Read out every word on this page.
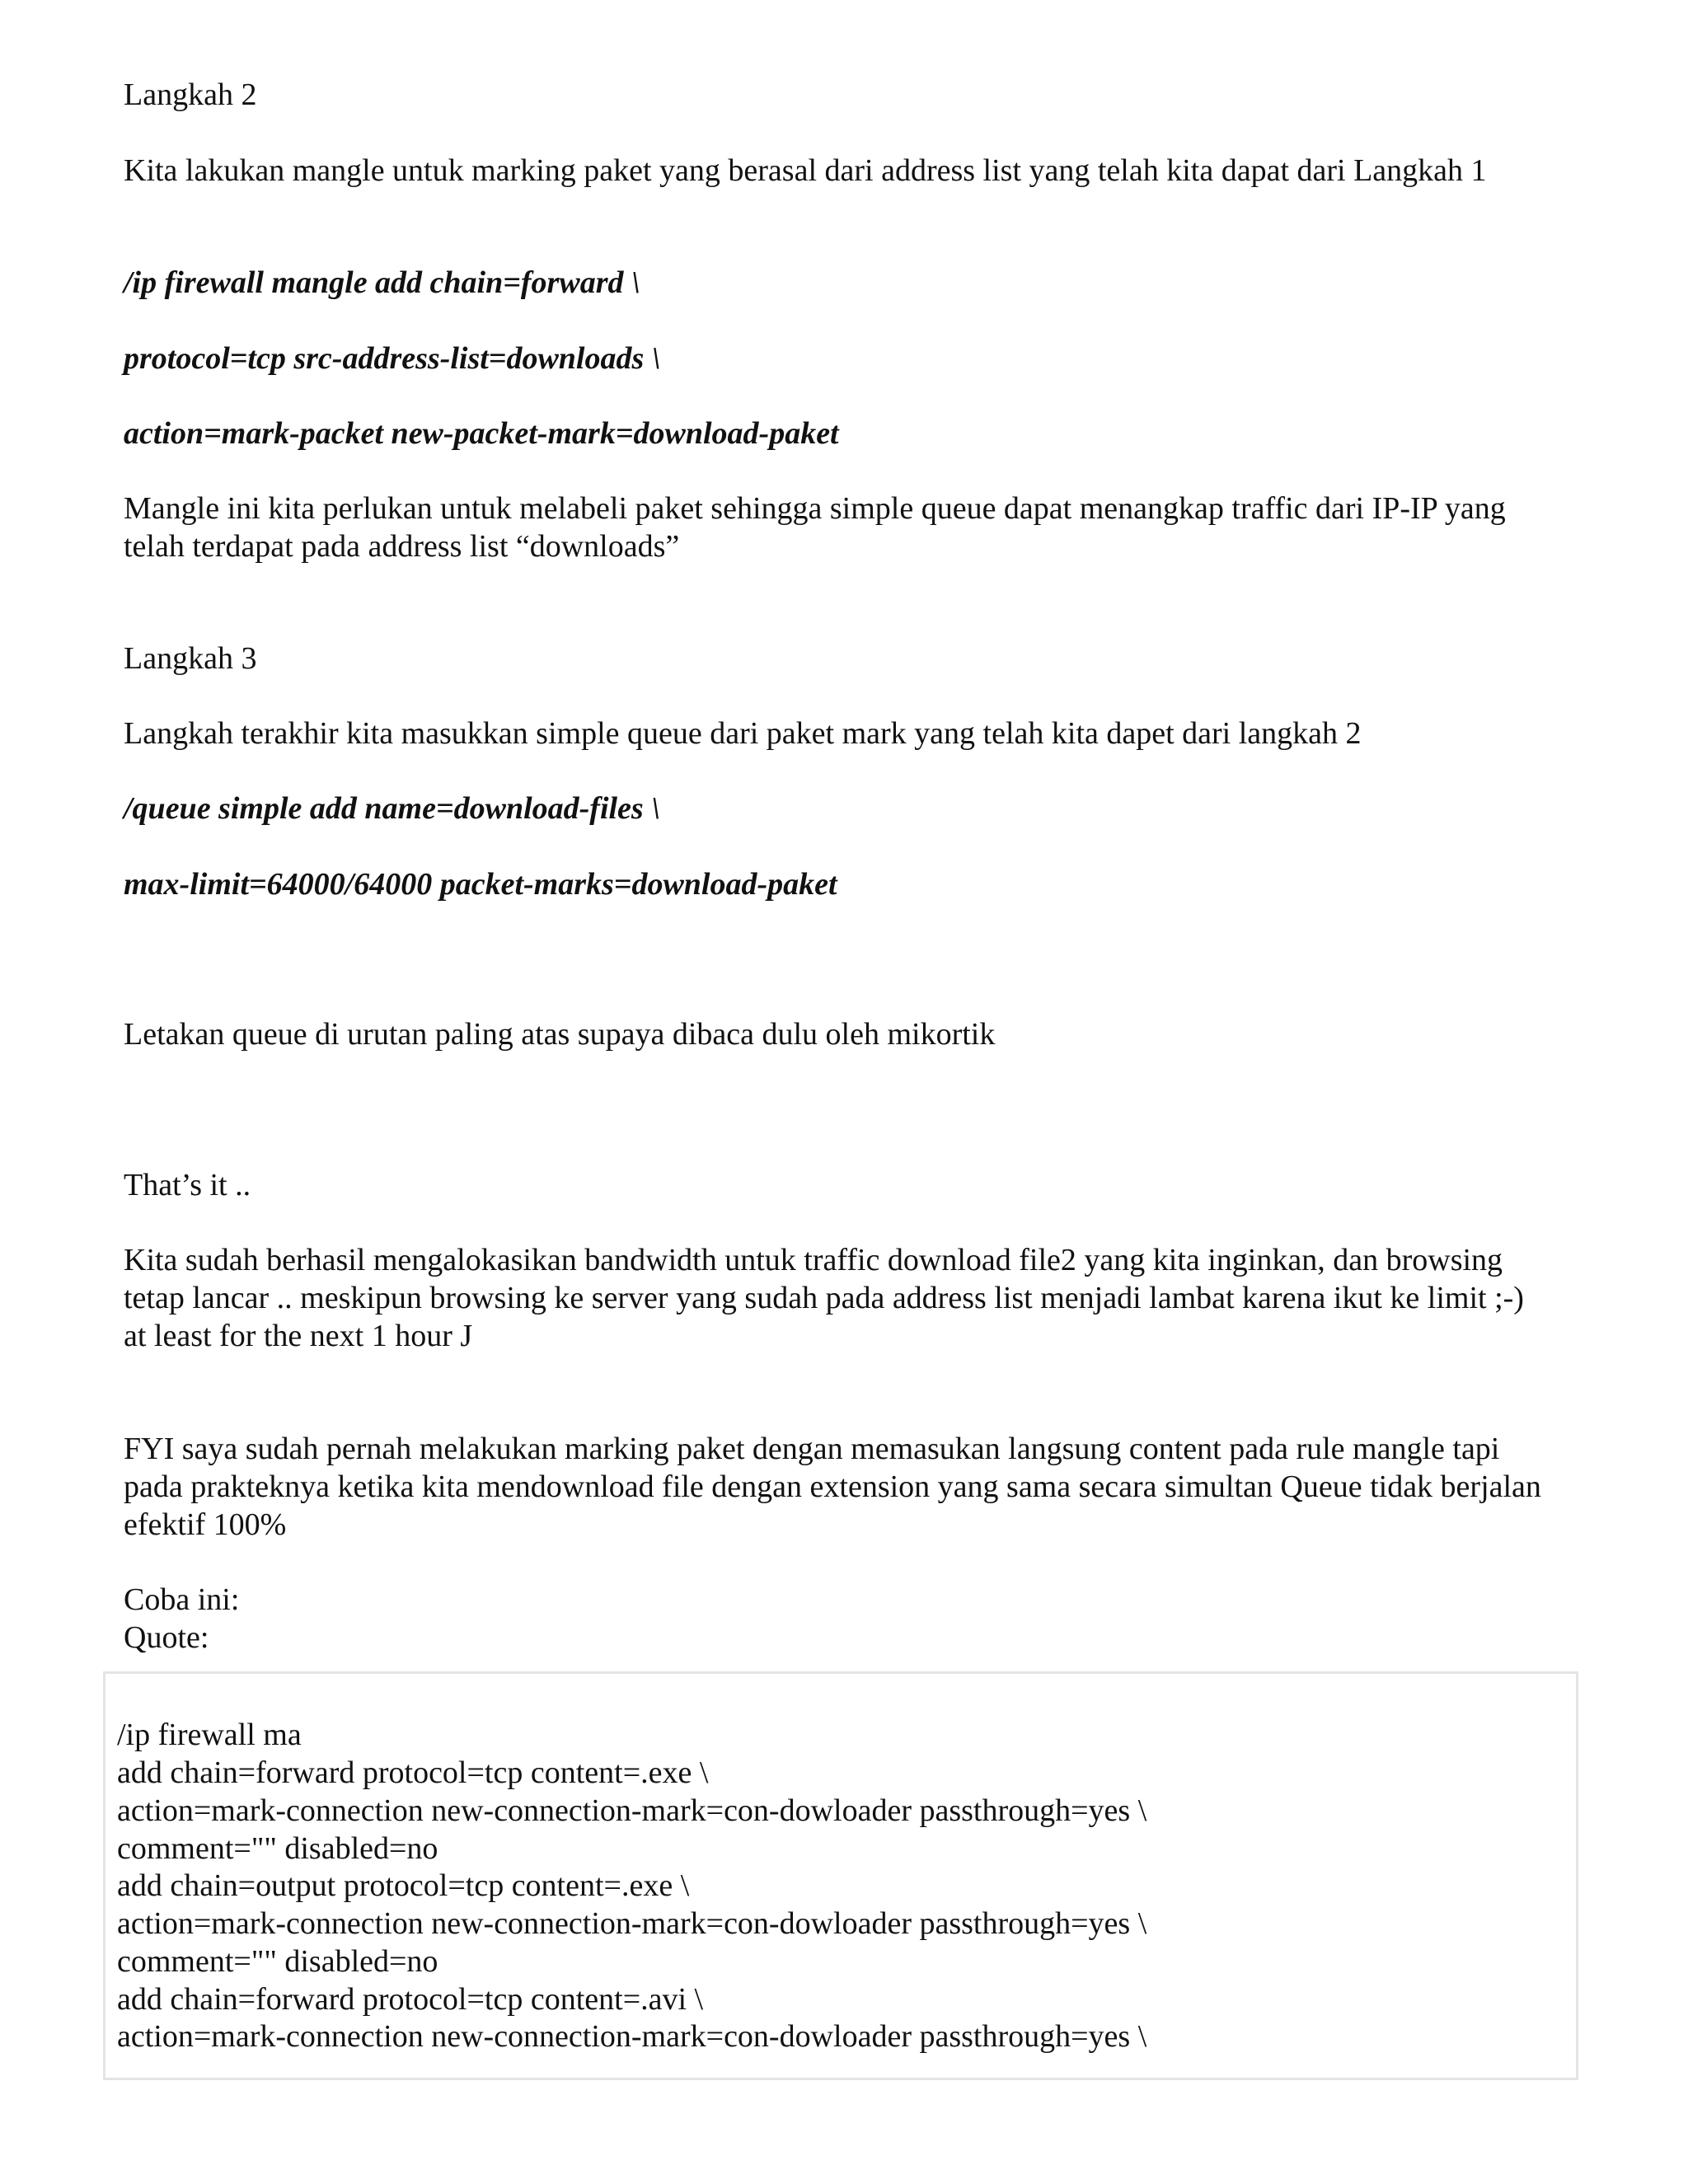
Langkah 2

Kita lakukan mangle untuk marking paket yang berasal dari address list yang telah kita dapat dari Langkah 1

/ip firewall mangle add chain=forward \

protocol=tcp src-address-list=downloads \

action=mark-packet new-packet-mark=download-paket

Mangle ini kita perlukan untuk melabeli paket sehingga simple queue dapat menangkap traffic dari IP-IP yang telah terdapat pada address list “downloads”

Langkah 3

Langkah terakhir kita masukkan simple queue dari paket mark yang telah kita dapet dari langkah 2

/queue simple add name=download-files \

max-limit=64000/64000 packet-marks=download-paket

Letakan queue di urutan paling atas supaya dibaca dulu oleh mikortik

That’s it ..

Kita sudah berhasil mengalokasikan bandwidth untuk traffic download file2 yang kita inginkan, dan browsing tetap lancar .. meskipun browsing ke server yang sudah pada address list menjadi lambat karena ikut ke limit ;-) at least for the next 1 hour J

FYI saya sudah pernah melakukan marking paket dengan memasukan langsung content pada rule mangle tapi pada prakteknya ketika kita mendownload file dengan extension yang sama secara simultan Queue tidak berjalan efektif 100%

Coba ini:

Quote:

/ip firewall ma

add chain=forward protocol=tcp content=.exe \

action=mark-connection new-connection-mark=con-dowloader passthrough=yes \

comment="" disabled=no

add chain=output protocol=tcp content=.exe \

action=mark-connection new-connection-mark=con-dowloader passthrough=yes \

comment="" disabled=no

add chain=forward protocol=tcp content=.avi \

action=mark-connection new-connection-mark=con-dowloader passthrough=yes \
